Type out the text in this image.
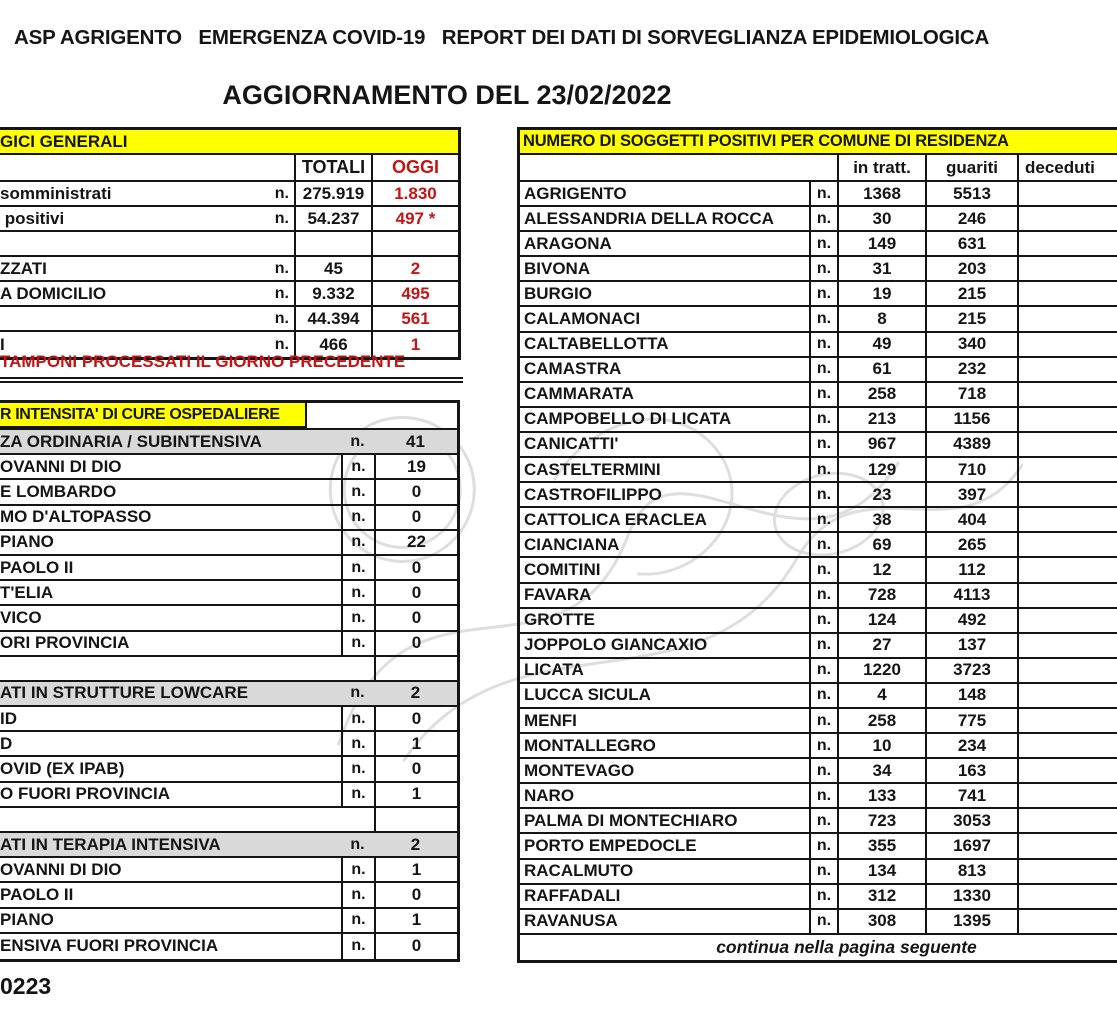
ASP AGRIGENTO   EMERGENZA COVID-19   REPORT DEI DATI DI SORVEGLIANZA EPIDEMIOLOGICA
AGGIORNAMENTO DEL 23/02/2022
GICI GENERALI
TOTALI	OGGI
somministrati	n. 275.919	1.830
positivi	n.	54.237	497 *
ZZATI	n.	45	2
A DOMICILIO	n.	9.332	495
n.	44.394	561
I	n.	466	1
TAMPONI PROCESSATI IL GIORNO PRECEDENTE
R INTENSITA' DI CURE OSPEDALIERE
ZA ORDINARIA / SUBINTENSIVA	n.	41
OVANNI DI DIO	n.	19
E LOMBARDO	n.	0
MO D'ALTOPASSO	n.	0
PIANO	n.	22
PAOLO II	n.	0
T'ELIA	n.	0
VICO	n.	0
ORI PROVINCIA	n.	0
ATI IN STRUTTURE LOWCARE	n.	2
ID	n.	0
D	n.	1
OVID (EX IPAB)	n.	0
O FUORI PROVINCIA	n.	1
ATI IN TERAPIA INTENSIVA	n.	2
OVANNI DI DIO	n.	1
PAOLO II	n.	0
PIANO	n.	1
ENSIVA FUORI PROVINCIA	n.	0
NUMERO DI SOGGETTI POSITIVI PER COMUNE DI RESIDENZA
in tratt.	guariti	deceduti
AGRIGENTO	n.	1368	5513
ALESSANDRIA DELLA ROCCA	n.	30	246
ARAGONA	n.	149	631
BIVONA	n.	31	203
BURGIO	n.	19	215
CALAMONACI	n.	8	215
CALTABELLOTTA	n.	49	340
CAMASTRA	n.	61	232
CAMMARATA	n.	258	718
CAMPOBELLO DI LICATA	n.	213	1156
CANICATTI'	n.	967	4389
CASTELTERMINI	n.	129	710
CASTROFILIPPO	n.	23	397
CATTOLICA ERACLEA	n.	38	404
CIANCIANA	n.	69	265
COMITINI	n.	12	112
FAVARA	n.	728	4113
GROTTE	n.	124	492
JOPPOLO GIANCAXIO	n.	27	137
LICATA	n.	1220	3723
LUCCA SICULA	n.	4	148
MENFI	n.	258	775
MONTALLEGRO	n.	10	234
MONTEVAGO	n.	34	163
NARO	n.	133	741
PALMA DI MONTECHIARO	n.	723	3053
PORTO EMPEDOCLE	n.	355	1697
RACALMUTO	n.	134	813
RAFFADALI	n.	312	1330
RAVANUSA	n.	308	1395
continua nella pagina seguente
0223
